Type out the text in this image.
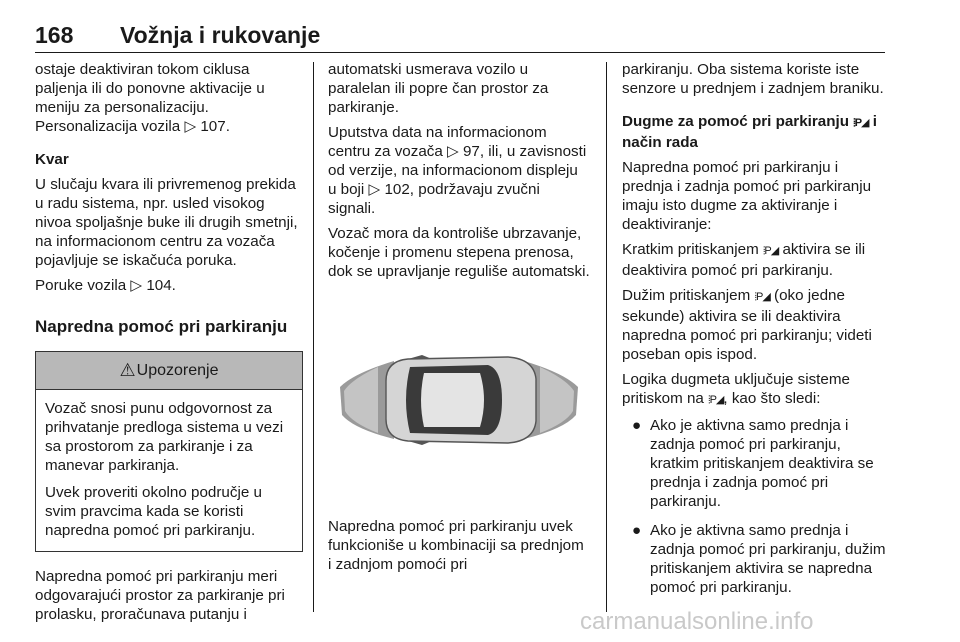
168 Vožnja i rukovanje

ostaje deaktiviran tokom ciklusa paljenja ili do ponovne aktivacije u meniju za personalizaciju. Personalizacija vozila ▷ 107.

Kvar

U slučaju kvara ili privremenog prekida u radu sistema, npr. usled visokog nivoa spoljašnje buke ili drugih smetnji, na informacionom centru za vozača pojavljuje se iskačuća poruka.

Poruke vozila ▷ 104.

Napredna pomoć pri parkiranju
⚠ Upozorenje

Vozač snosi punu odgovornost za prihvatanje predloga sistema u vezi sa prostorom za parkiranje i za manevar parkiranja.

Uvek proveriti okolno područje u svim pravcima kada se koristi napredna pomoć pri parkiranju.

Napredna pomoć pri parkiranju meri odgovarajući prostor za parkiranje pri prolasku, proračunava putanju i

automatski usmerava vozilo u paralelan ili popre čan prostor za parkiranje.

Uputstva data na informacionom centru za vozača ▷ 97, ili, u zavisnosti od verzije, na informacionom displeju u boji ▷ 102, podržavaju zvučni signali.

Vozač mora da kontroliše ubrzavanje, kočenje i promenu stepena prenosa, dok se upravljanje reguliše automatski.

Napredna pomoć pri parkiranju uvek funkcioniše u kombinaciji sa prednjom i zadnjom pomoći pri

parkiranju. Oba sistema koriste iste senzore u prednjem i zadnjem braniku.

Dugme za pomoć pri parkiranju ⦙P◢ i način rada

Napredna pomoć pri parkiranju i prednja i zadnja pomoć pri parkiranju imaju isto dugme za aktiviranje i deaktiviranje:

Kratkim pritiskanjem ⦙P◢ aktivira se ili deaktivira pomoć pri parkiranju.

Dužim pritiskanjem ⦙P◢ (oko jedne sekunde) aktivira se ili deaktivira napredna pomoć pri parkiranju; videti poseban opis ispod.

Logika dugmeta uključuje sisteme pritiskom na ⦙P◢, kao što sledi:

● Ako je aktivna samo prednja i zadnja pomoć pri parkiranju, kratkim pritiskanjem deaktivira se prednja i zadnja pomoć pri parkiranju.
● Ako je aktivna samo prednja i zadnja pomoć pri parkiranju, dužim pritiskanjem aktivira se napredna pomoć pri parkiranju.
carmanualsonline.info
